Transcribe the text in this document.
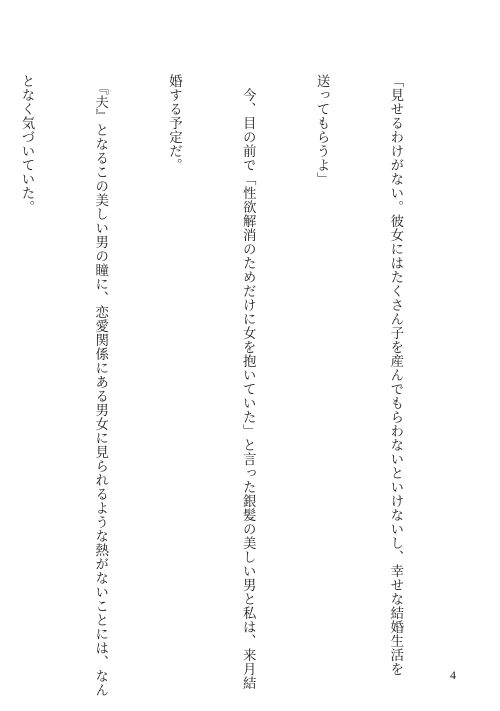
「見せるわけがない。彼女にはたくさん子を産んでもらわないといけないし、幸せな結婚生活を

送ってもらうよ」

　今、目の前で「性欲解消のためだけに女を抱いていた」と言った銀髪の美しい男と私は、来月結

婚する予定だ。

　『夫』となるこの美しい男の瞳に、恋愛関係にある男女に見られるような熱がないことには、なん

となく気づいていた。

4
